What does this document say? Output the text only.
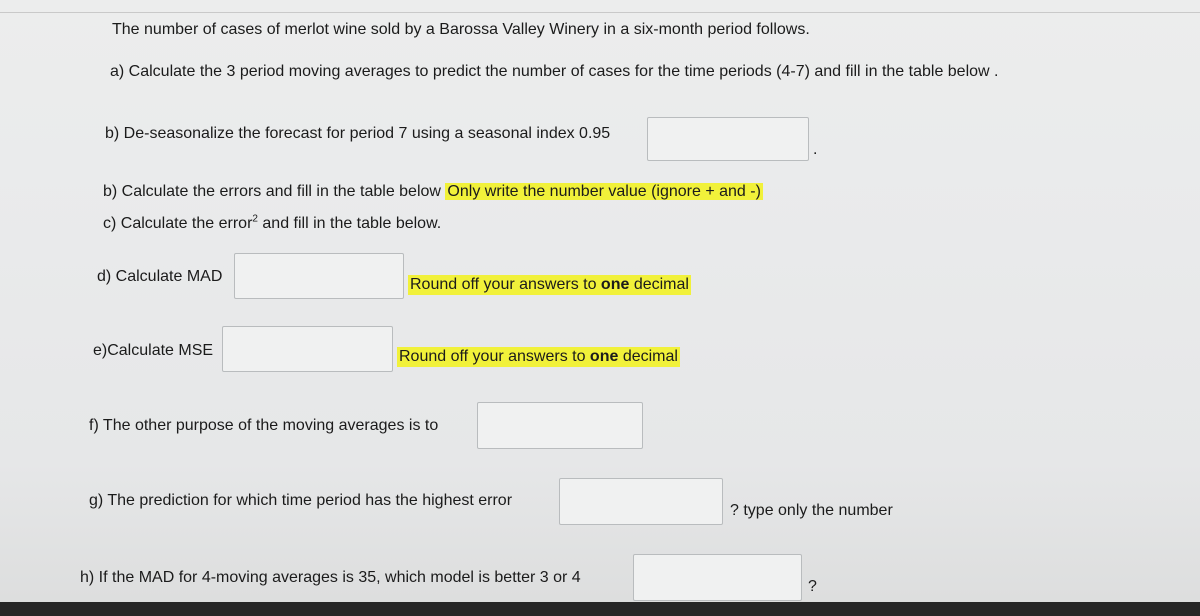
The number of cases of merlot wine sold by a Barossa Valley Winery in a six-month period follows.
a) Calculate the 3 period moving averages to predict the number of cases for the time periods (4-7) and fill in the table below .
b) De-seasonalize the forecast for period 7 using a seasonal index 0.95
.
b) Calculate the errors and fill in the table below Only write the number value (ignore + and -)
c) Calculate the error$^2$ and fill in the table below.
d) Calculate MAD	Round off your answers to one decimal
e)Calculate MSE	Round off your answers to one decimal
f) The other purpose of the moving averages is to
g) The prediction for which time period has the highest error
? type only the number
h) If the MAD for 4-moving averages is 35, which model is better 3 or 4
?
